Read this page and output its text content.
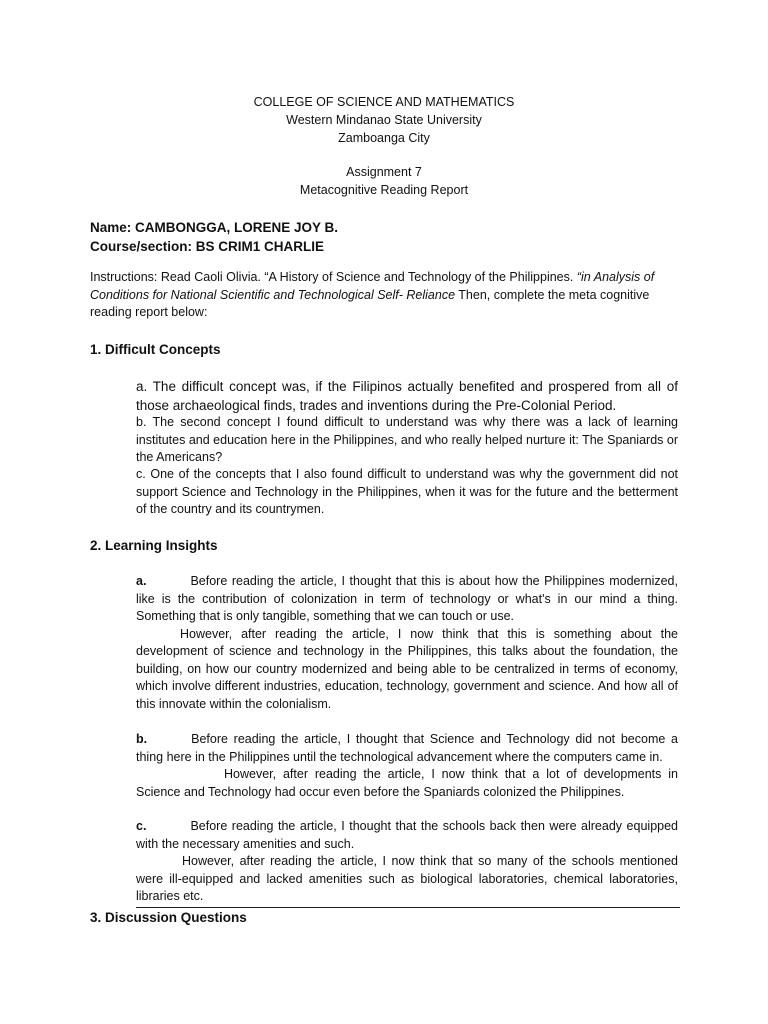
COLLEGE OF SCIENCE AND MATHEMATICS
Western Mindanao State University
Zamboanga City
Assignment 7
Metacognitive Reading Report
Name: CAMBONGGA, LORENE JOY B.
Course/section: BS CRIM1 CHARLIE
Instructions: Read Caoli Olivia. “A History of Science and Technology of the Philippines. “in Analysis of Conditions for National Scientific and Technological Self- Reliance Then, complete the meta cognitive reading report below:
1. Difficult Concepts
a. The difficult concept was, if the Filipinos actually benefited and prospered from all of those archaeological finds, trades and inventions during the Pre-Colonial Period.
b. The second concept I found difficult to understand was why there was a lack of learning institutes and education here in the Philippines, and who really helped nurture it: The Spaniards or the Americans?
c. One of the concepts that I also found difficult to understand was why the government did not support Science and Technology in the Philippines, when it was for the future and the betterment of the country and its countrymen.
2. Learning Insights
a.	Before reading the article, I thought that this is about how the Philippines modernized, like is the contribution of colonization in term of technology or what's in our mind a thing. Something that is only tangible, something that we can touch or use.
However, after reading the article, I now think that this is something about the development of science and technology in the Philippines, this talks about the foundation, the building, on how our country modernized and being able to be centralized in terms of economy, which involve different industries, education, technology, government and science. And how all of this innovate within the colonialism.
b.	Before reading the article, I thought that Science and Technology did not become a thing here in the Philippines until the technological advancement where the computers came in.
However, after reading the article, I now think that a lot of developments in Science and Technology had occur even before the Spaniards colonized the Philippines.
c.	Before reading the article, I thought that the schools back then were already equipped with the necessary amenities and such.
However, after reading the article, I now think that so many of the schools mentioned were ill-equipped and lacked amenities such as biological laboratories, chemical laboratories, libraries etc.
3. Discussion Questions
